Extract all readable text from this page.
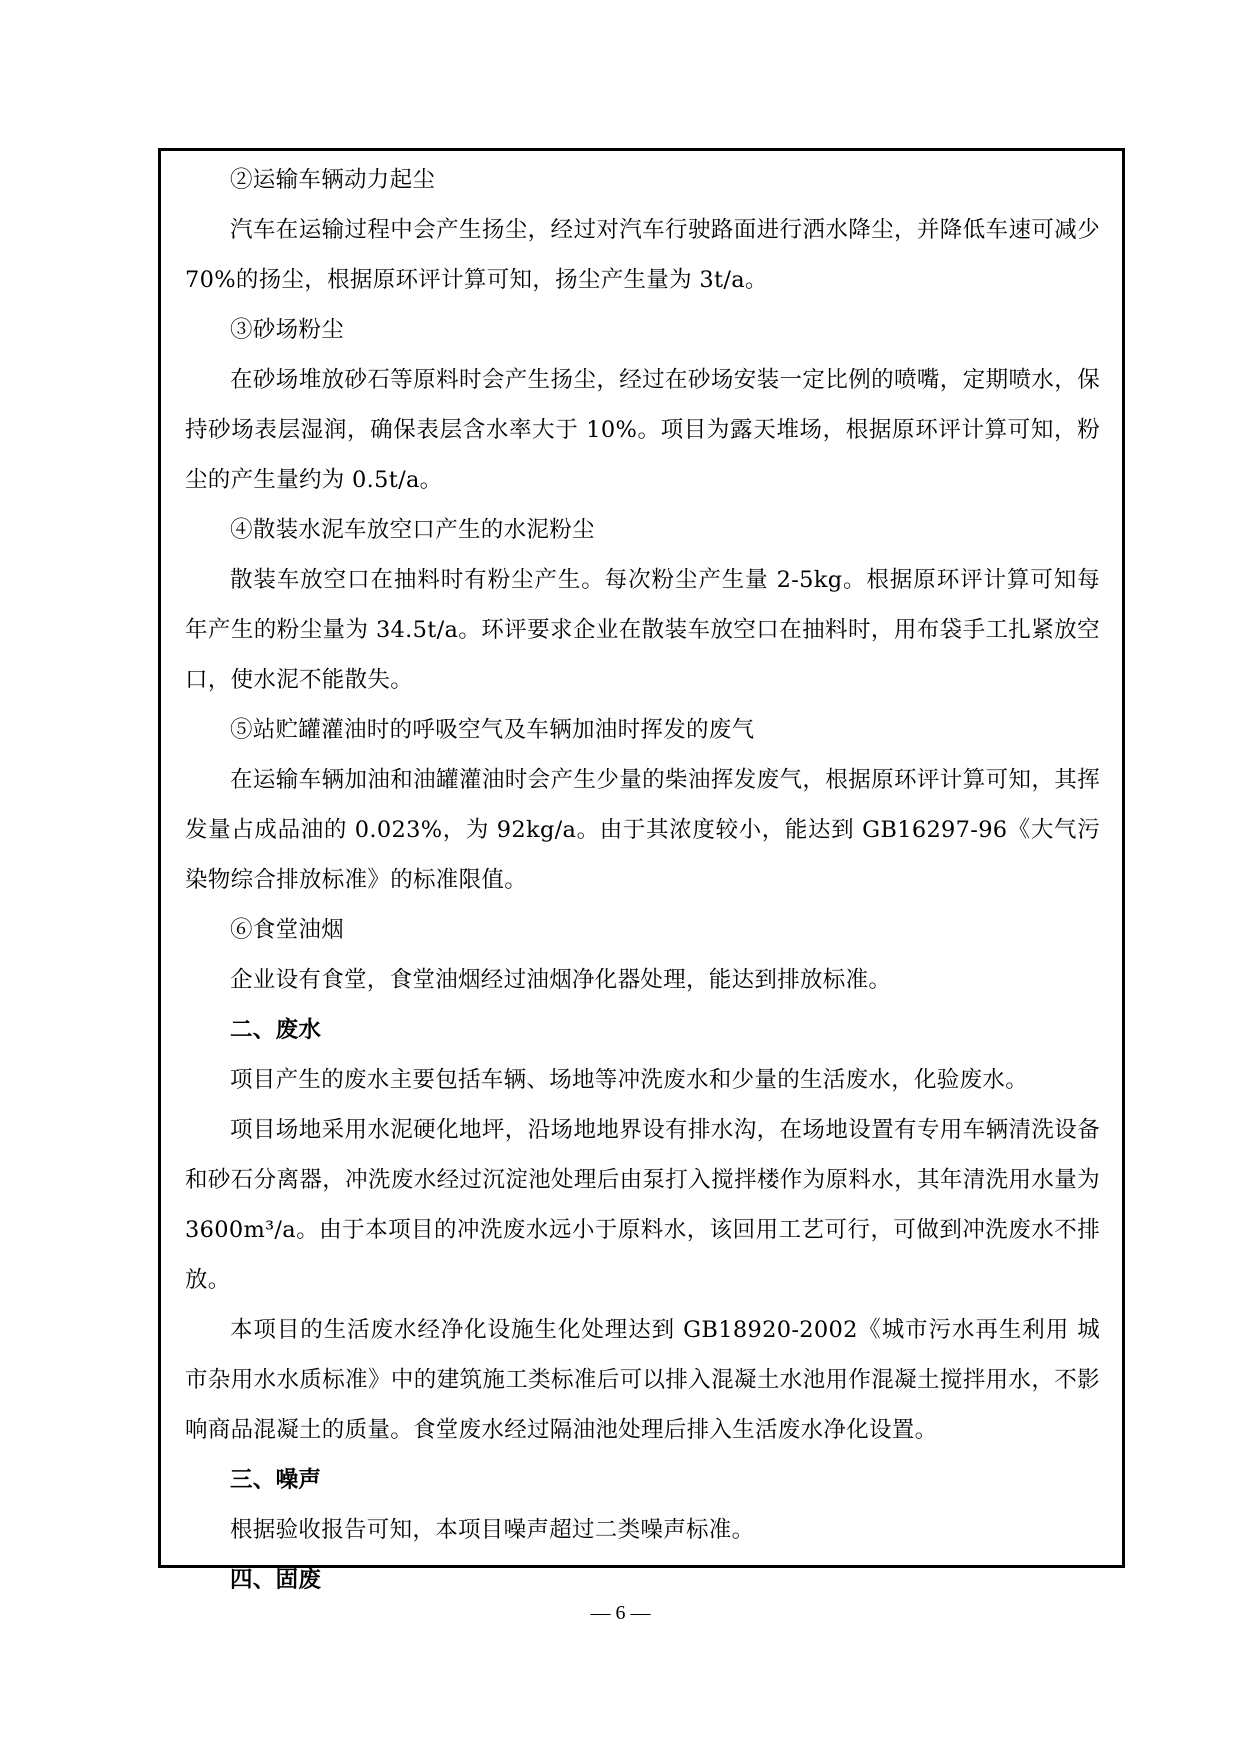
②运输车辆动力起尘

汽车在运输过程中会产生扬尘，经过对汽车行驶路面进行洒水降尘，并降低车速可减少 70%的扬尘，根据原环评计算可知，扬尘产生量为 3t/a。

③砂场粉尘

在砂场堆放砂石等原料时会产生扬尘，经过在砂场安装一定比例的喷嘴，定期喷水，保持砂场表层湿润，确保表层含水率大于 10%。项目为露天堆场，根据原环评计算可知，粉尘的产生量约为 0.5t/a。

④散装水泥车放空口产生的水泥粉尘

散装车放空口在抽料时有粉尘产生。每次粉尘产生量 2-5kg。根据原环评计算可知每年产生的粉尘量为 34.5t/a。环评要求企业在散装车放空口在抽料时，用布袋手工扎紧放空口，使水泥不能散失。

⑤站贮罐灌油时的呼吸空气及车辆加油时挥发的废气

在运输车辆加油和油罐灌油时会产生少量的柴油挥发废气，根据原环评计算可知，其挥发量占成品油的 0.023%，为 92kg/a。由于其浓度较小，能达到 GB16297-96《大气污染物综合排放标准》的标准限值。

⑥食堂油烟

企业设有食堂，食堂油烟经过油烟净化器处理，能达到排放标准。

二、废水

项目产生的废水主要包括车辆、场地等冲洗废水和少量的生活废水，化验废水。

项目场地采用水泥硬化地坪，沿场地地界设有排水沟，在场地设置有专用车辆清洗设备和砂石分离器，冲洗废水经过沉淀池处理后由泵打入搅拌楼作为原料水，其年清洗用水量为 3600m³/a。由于本项目的冲洗废水远小于原料水，该回用工艺可行，可做到冲洗废水不排放。

本项目的生活废水经净化设施生化处理达到 GB18920-2002《城市污水再生利用 城市杂用水水质标准》中的建筑施工类标准后可以排入混凝土水池用作混凝土搅拌用水，不影响商品混凝土的质量。食堂废水经过隔油池处理后排入生活废水净化设置。

三、噪声

根据验收报告可知，本项目噪声超过二类噪声标准。

四、固废

— 6 —
